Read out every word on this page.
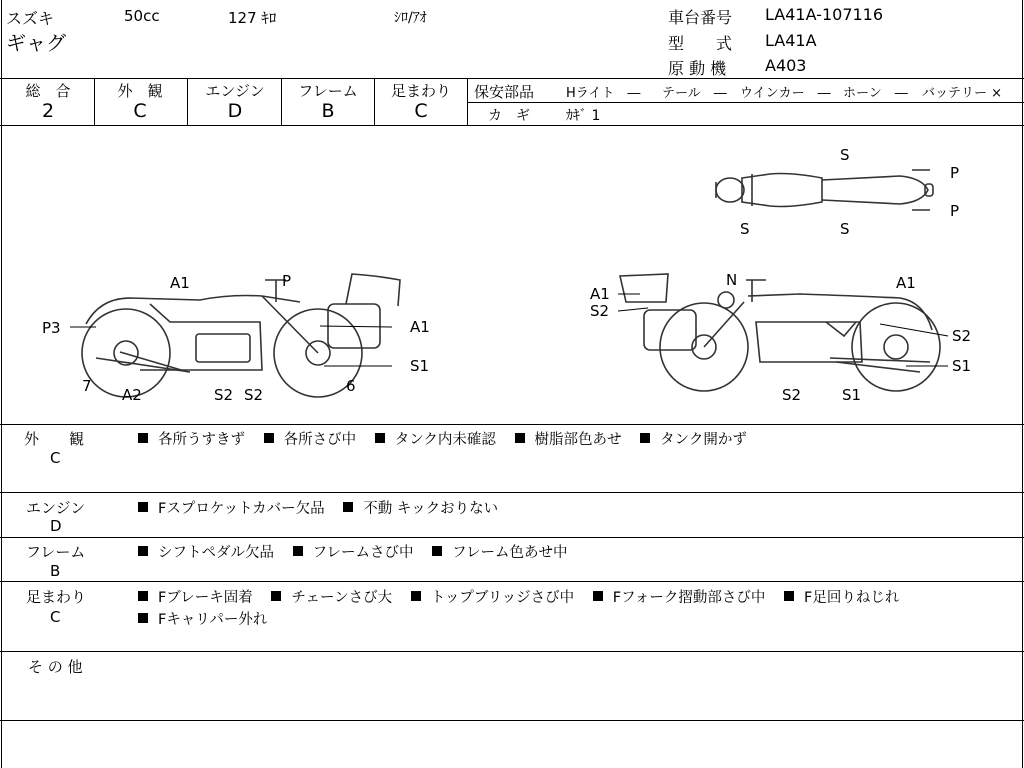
スズキ
ギャグ
50cc	127 ｷﾛ	ｼﾛ/ｱｵ	車台番号 LA41A-107116
型　　式 LA41A
原 動 機 A403
総　合
2
外　観
C
エンジン
D
フレーム
B
足まわり
C
保安部品 Hライト　― テール　― ウインカー　― ホーン　― バッテリー ×
カ　ギ	ｶｷﾞ 1
S
P
P
S	S
A1	P
P3	A1
7 A2	S2 S2	6
S1
A1
S2
N	A1
S2
S1
S2	S1
外　　観
C
各所うすきず	各所さび中	タンク内未確認	樹脂部色あせ	タンク開かず
エンジン
D
Fスプロケットカバー欠品	不動 キックおりない
フレーム
B
シフトペダル欠品	フレームさび中	フレーム色あせ中
足まわり
C
Fブレーキ固着	チェーンさび大	トップブリッジさび中	Fフォーク摺動部さび中	F足回りねじれ
Fキャリパー外れ
そ の 他
